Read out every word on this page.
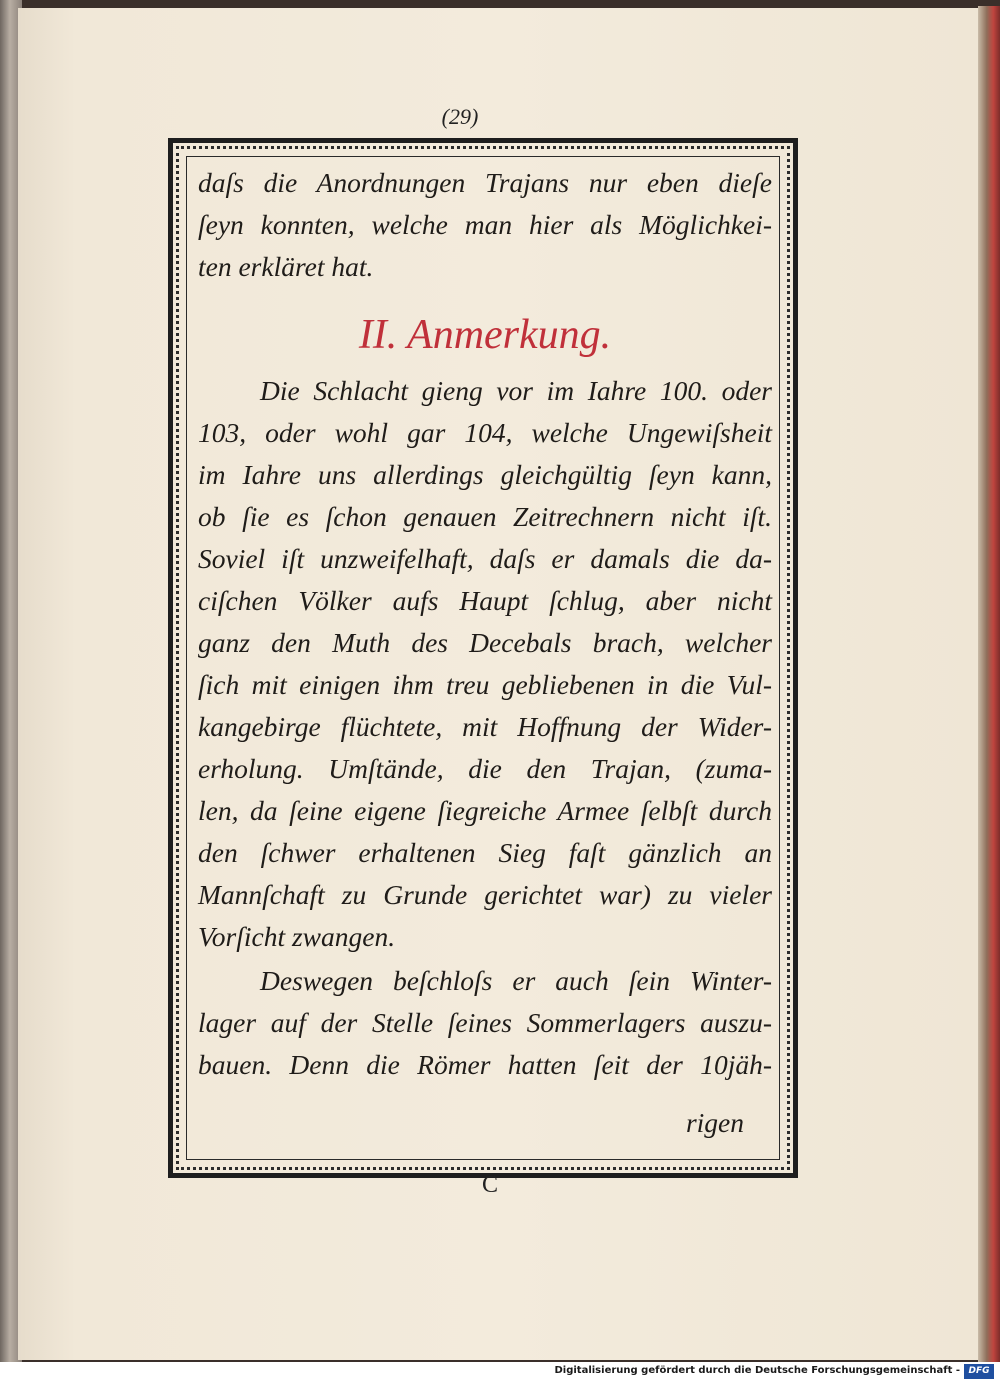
(29)
II. Anmerkung.
daſs die Anordnungen Trajans nur eben dieſe
ſeyn konnten, welche man hier als Möglichkei-
ten erkläret hat.
Die Schlacht gieng vor im Iahre 100. oder
103, oder wohl gar 104, welche Ungewiſsheit
im Iahre uns allerdings gleichgültig ſeyn kann,
ob ſie es ſchon genauen Zeitrechnern nicht iſt.
Soviel iſt unzweifelhaft, daſs er damals die da-
ciſchen Völker aufs Haupt ſchlug, aber nicht
ganz den Muth des Decebals brach, welcher
ſich mit einigen ihm treu gebliebenen in die Vul-
kangebirge flüchtete, mit Hoffnung der Wider-
erholung. Umſtände, die den Trajan, (zuma-
len, da ſeine eigene ſiegreiche Armee ſelbſt durch
den ſchwer erhaltenen Sieg faſt gänzlich an
Mannſchaft zu Grunde gerichtet war) zu vieler
Vorſicht zwangen.
Deswegen beſchloſs er auch ſein Winter-
lager auf der Stelle ſeines Sommerlagers auszu-
bauen. Denn die Römer hatten ſeit der 10jäh-
rigen
C
Digitalisierung gefördert durch die Deutsche Forschungsgemeinschaft - DFG
